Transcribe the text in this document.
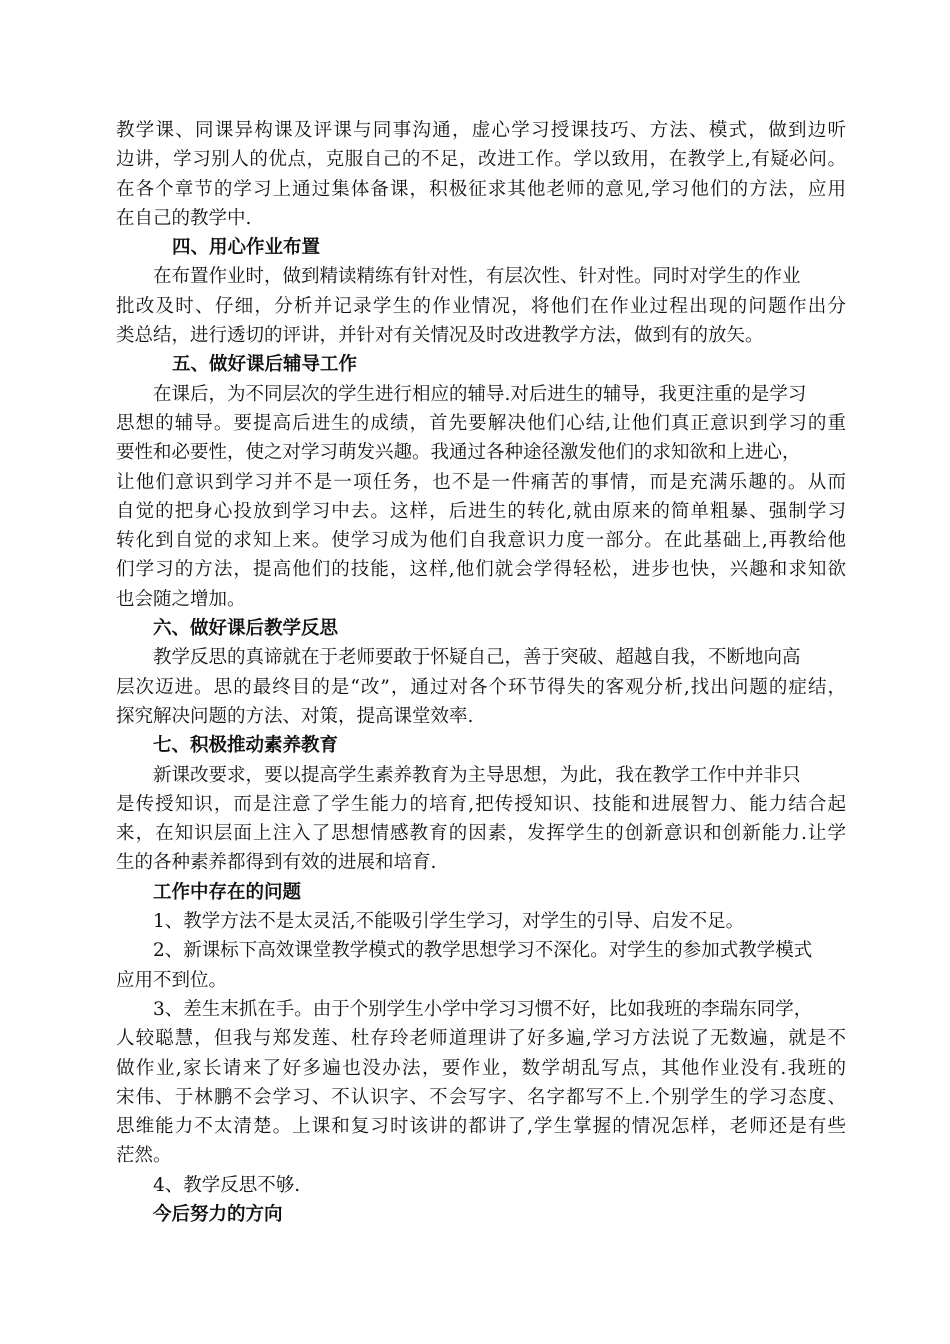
教学课、同课异构课及评课与同事沟通，虚心学习授课技巧、方法、模式，做到边听
边讲，学习别人的优点，克服自己的不足，改进工作。学以致用，在教学上,有疑必问。
在各个章节的学习上通过集体备课，积极征求其他老师的意见,学习他们的方法，应用
在自己的教学中.
四、用心作业布置
在布置作业时，做到精读精练有针对性，有层次性、针对性。同时对学生的作业
批改及时、仔细，分析并记录学生的作业情况，将他们在作业过程出现的问题作出分
类总结，进行透切的评讲，并针对有关情况及时改进教学方法，做到有的放矢。
五、做好课后辅导工作
在课后，为不同层次的学生进行相应的辅导.对后进生的辅导，我更注重的是学习
思想的辅导。要提高后进生的成绩，首先要解决他们心结,让他们真正意识到学习的重
要性和必要性，使之对学习萌发兴趣。我通过各种途径激发他们的求知欲和上进心，
让他们意识到学习并不是一项任务，也不是一件痛苦的事情，而是充满乐趣的。从而
自觉的把身心投放到学习中去。这样，后进生的转化,就由原来的简单粗暴、强制学习
转化到自觉的求知上来。使学习成为他们自我意识力度一部分。在此基础上,再教给他
们学习的方法，提高他们的技能，这样,他们就会学得轻松，进步也快，兴趣和求知欲
也会随之增加。
六、做好课后教学反思
教学反思的真谛就在于老师要敢于怀疑自己，善于突破、超越自我，不断地向高
层次迈进。思的最终目的是“改”，通过对各个环节得失的客观分析,找出问题的症结，
探究解决问题的方法、对策，提高课堂效率.
七、积极推动素养教育
新课改要求，要以提高学生素养教育为主导思想，为此，我在教学工作中并非只
是传授知识，而是注意了学生能力的培育,把传授知识、技能和进展智力、能力结合起
来，在知识层面上注入了思想情感教育的因素，发挥学生的创新意识和创新能力.让学
生的各种素养都得到有效的进展和培育.
工作中存在的问题
1、教学方法不是太灵活,不能吸引学生学习，对学生的引导、启发不足。
2、新课标下高效课堂教学模式的教学思想学习不深化。对学生的参加式教学模式
应用不到位。
3、差生末抓在手。由于个别学生小学中学习习惯不好，比如我班的李瑞东同学，
人较聪慧，但我与郑发莲、杜存玲老师道理讲了好多遍,学习方法说了无数遍，就是不
做作业,家长请来了好多遍也没办法，要作业，数学胡乱写点，其他作业没有.我班的
宋伟、于林鹏不会学习、不认识字、不会写字、名字都写不上.个别学生的学习态度、
思维能力不太清楚。上课和复习时该讲的都讲了,学生掌握的情况怎样，老师还是有些
茫然。
4、教学反思不够.
今后努力的方向
